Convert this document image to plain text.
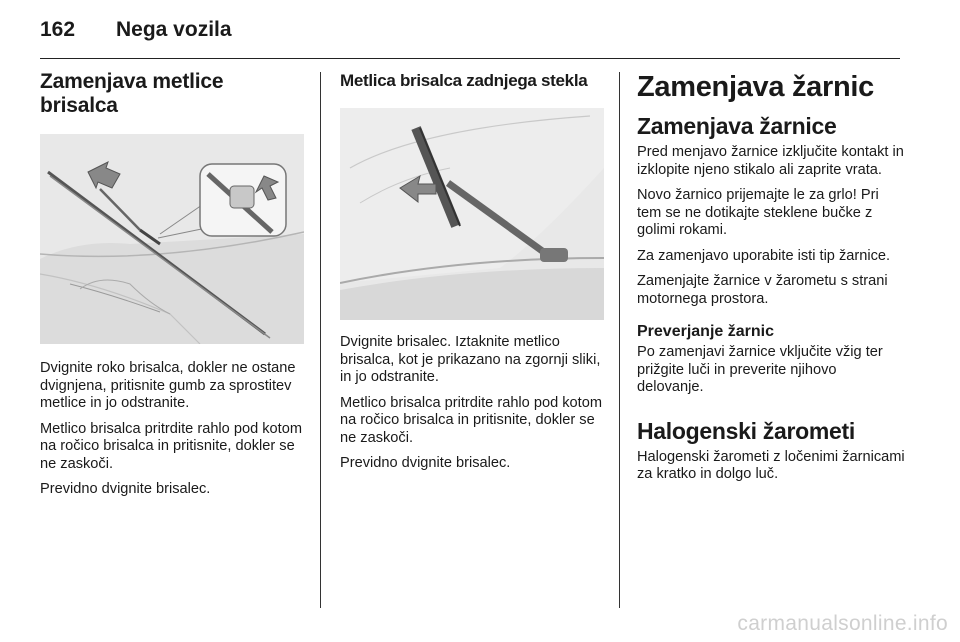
162 Nega vozila
Zamenjava metlice brisalca

Dvignite roko brisalca, dokler ne ostane dvignjena, pritisnite gumb za sprostitev metlice in jo odstranite.

Metlico brisalca pritrdite rahlo pod kotom na ročico brisalca in pritisnite, dokler se ne zaskoči.

Previdno dvignite brisalec.

Metlica brisalca zadnjega stekla

Dvignite brisalec. Iztaknite metlico brisalca, kot je prikazano na zgornji sliki, in jo odstranite.

Metlico brisalca pritrdite rahlo pod kotom na ročico brisalca in pritisnite, dokler se ne zaskoči.

Previdno dvignite brisalec.

Zamenjava žarnic
Zamenjava žarnice

Pred menjavo žarnice izključite kontakt in izklopite njeno stikalo ali zaprite vrata.

Novo žarnico prijemajte le za grlo! Pri tem se ne dotikajte steklene bučke z golimi rokami.

Za zamenjavo uporabite isti tip žarnice.

Zamenjajte žarnice v žarometu s strani motornega prostora.

Preverjanje žarnic

Po zamenjavi žarnice vključite vžig ter prižgite luči in preverite njihovo delovanje.

Halogenski žarometi

Halogenski žarometi z ločenimi žarnicami za kratko in dolgo luč.

carmanualsonline.info
